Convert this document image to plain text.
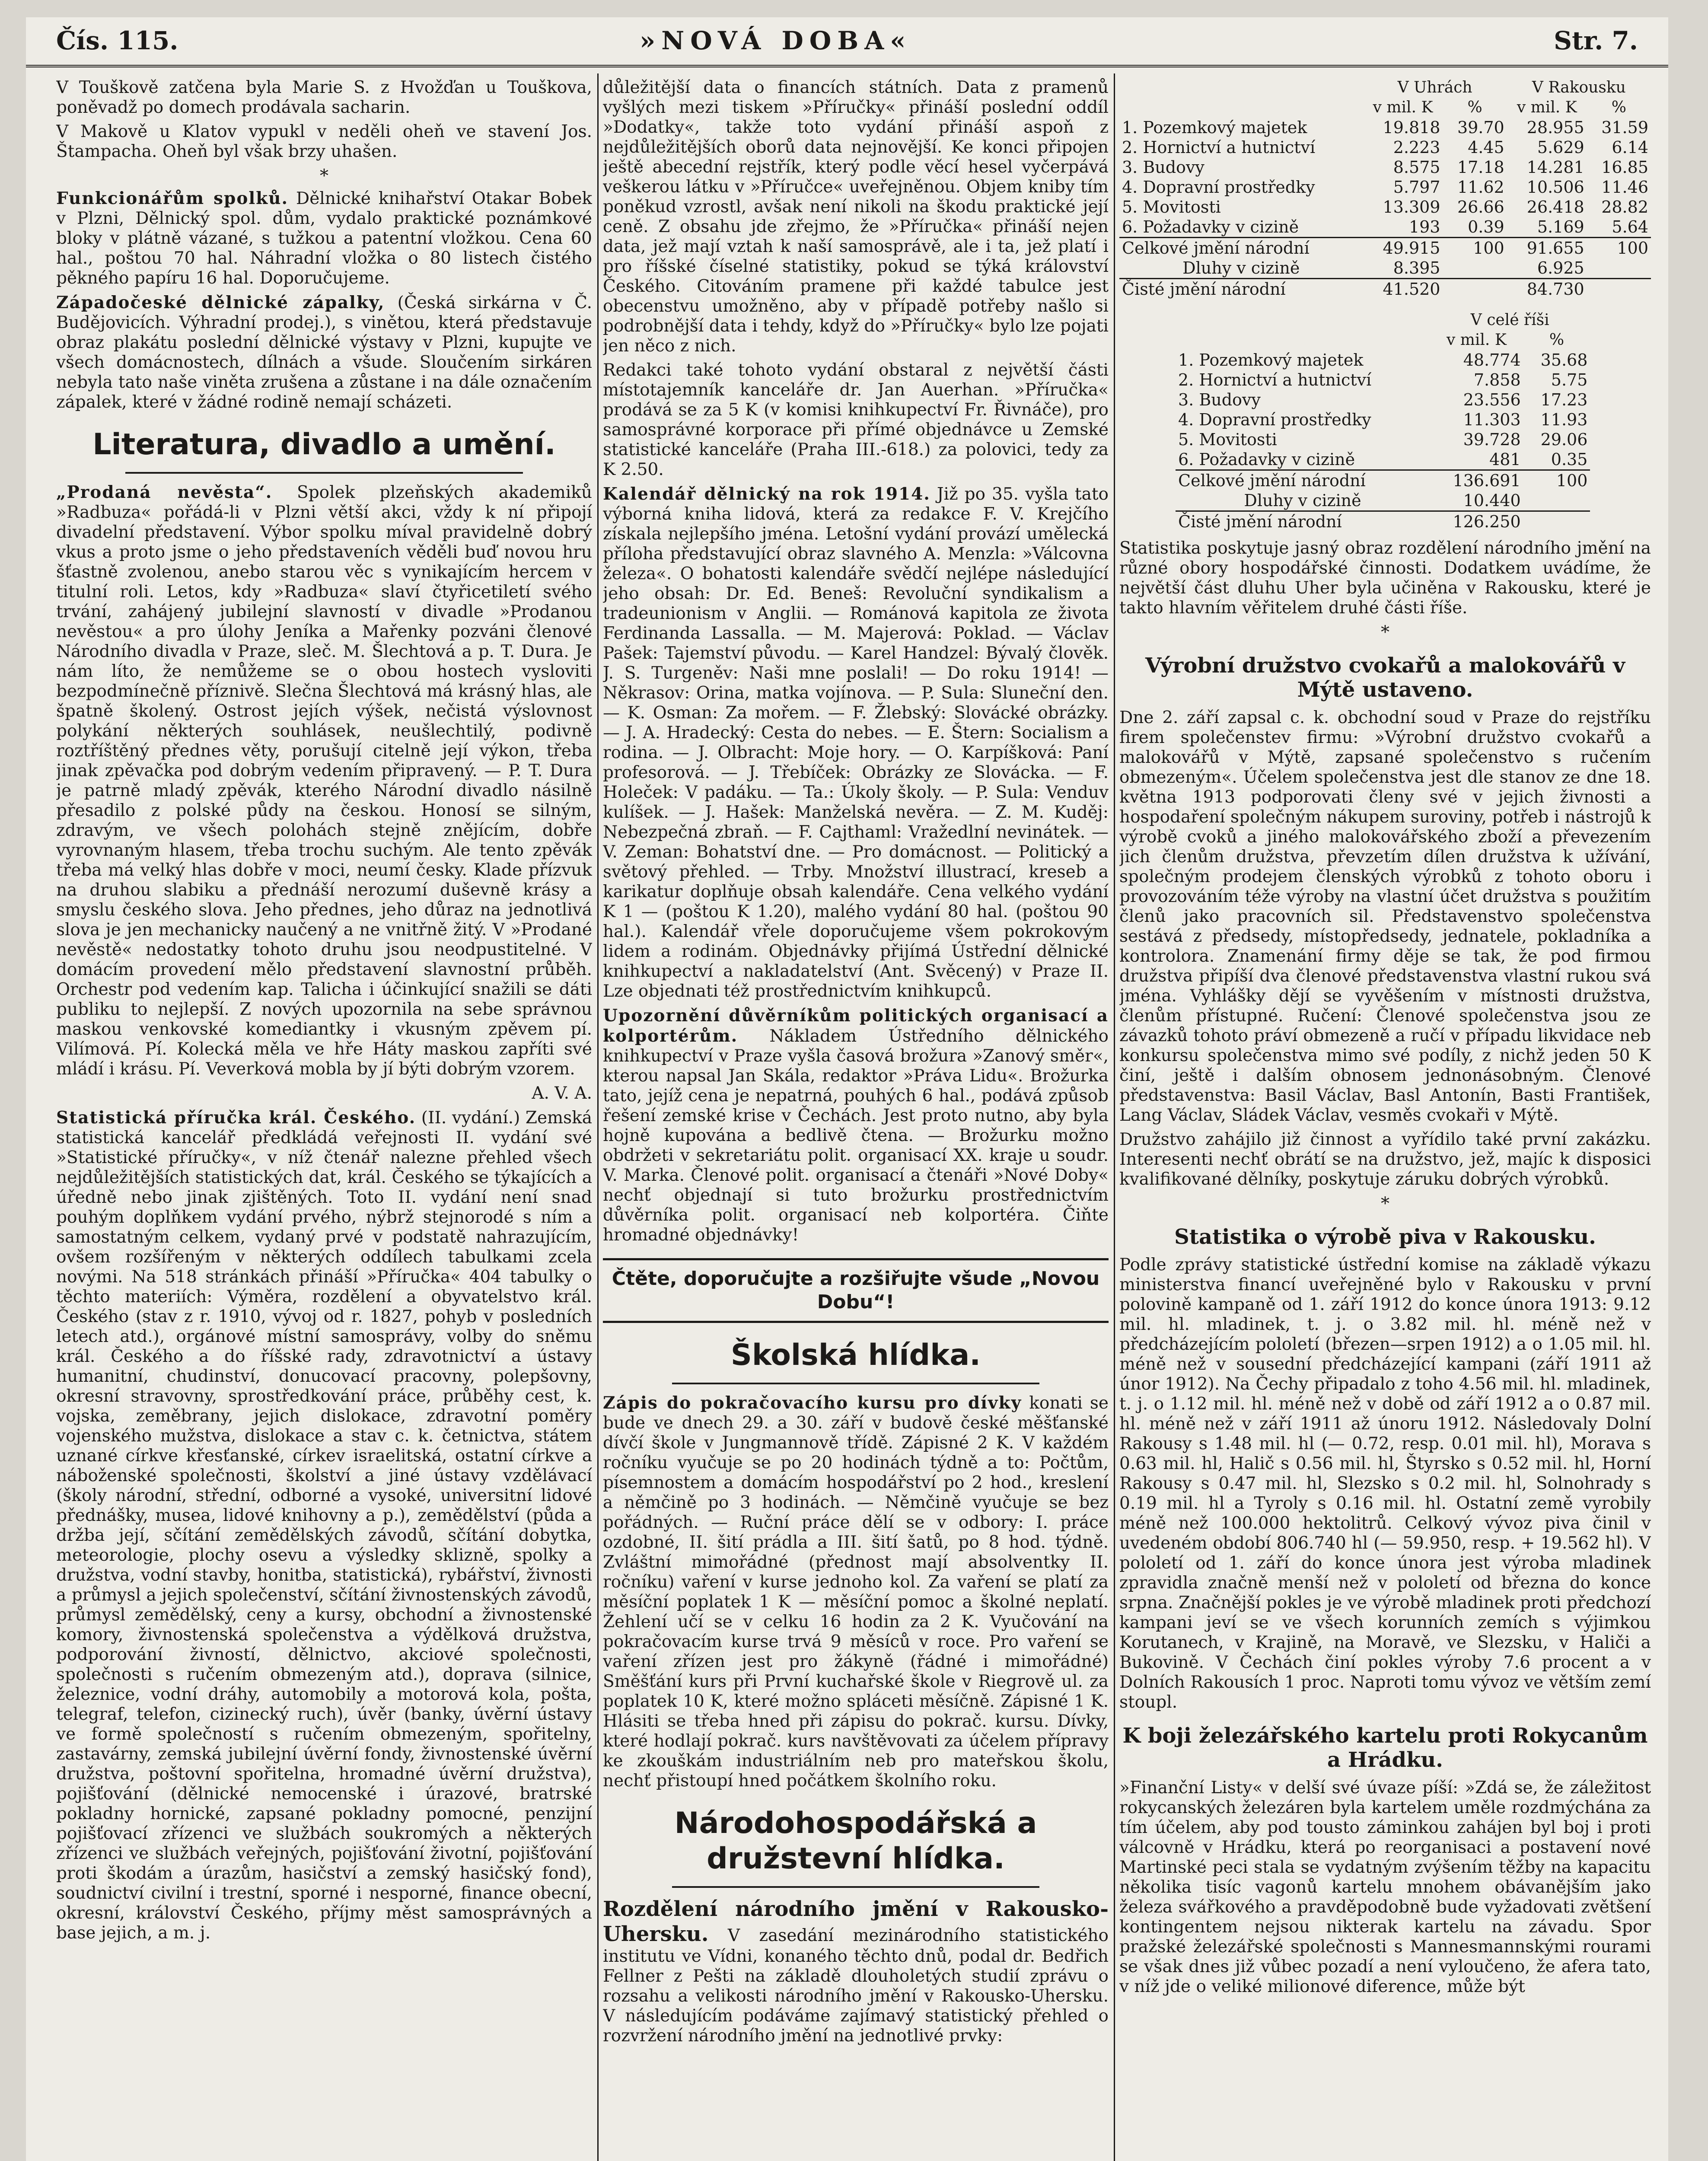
Čís. 115.	»NOVÁ DOBA«	Str. 7.

V Touškově zatčena byla Marie S. z Hvožďan u Touškova, poněvadž po domech prodávala sacharin.

V Makově u Klatov vypukl v neděli oheň ve stavení Jos. Štampacha. Oheň byl však brzy uhašen.

*

Funkcionářům spolků. Dělnické knihařství Otakar Bobek v Plzni, Dělnický spol. dům, vydalo praktické poznámkové bloky v plátně vázané, s tužkou a patentní vložkou. Cena 60 hal., poštou 70 hal. Náhradní vložka o 80 listech čistého pěkného papíru 16 hal. Doporučujeme.

Západočeské dělnické zápalky, (Česká sirkárna v Č. Budějovicích. Výhradní prodej.), s vinětou, která představuje obraz plakátu poslední dělnické výstavy v Plzni, kupujte ve všech domácnostech, dílnách a všude. Sloučením sirkáren nebyla tato naše viněta zrušena a zůstane i na dále označením zápalek, které v žádné rodině nemají scházeti.

Literatura, divadlo a umění.

„Prodaná nevěsta“. Spolek plzeňských akademiků »Radbuza« pořádá-li v Plzni větší akci, vždy k ní připojí divadelní představení. Výbor spolku míval pravidelně dobrý vkus a proto jsme o jeho představeních věděli buď novou hru šťastně zvolenou, anebo starou věc s vynikajícím hercem v titulní roli. Letos, kdy »Radbuza« slaví čtyřicetiletí svého trvání, zahájený jubilejní slavností v divadle »Prodanou nevěstou« a pro úlohy Jeníka a Mařenky pozváni členové Národního divadla v Praze, sleč. M. Šlechtová a p. T. Dura. Je nám líto, že nemůžeme se o obou hostech vysloviti bezpodmínečně příznivě. Slečna Šlechtová má krásný hlas, ale špatně školený. Ostrost jejích výšek, nečistá výslovnost polykání některých souhlásek, neušlechtilý, podivně roztříštěný přednes věty, porušují citelně její výkon, třeba jinak zpěvačka pod dobrým vedením připravený. — P. T. Dura je patrně mladý zpěvák, kterého Národní divadlo násilně přesadilo z polské půdy na českou. Honosí se silným, zdravým, ve všech polohách stejně znějícím, dobře vyrovnaným hlasem, třeba trochu suchým. Ale tento zpěvák třeba má velký hlas dobře v moci, neumí česky. Klade přízvuk na druhou slabiku a přednáší nerozumí duševně krásy a smyslu českého slova. Jeho přednes, jeho důraz na jednotlivá slova je jen mechanicky naučený a ne vnitřně žitý. V »Prodané nevěstě« nedostatky tohoto druhu jsou neodpustitelné. V domácím provedení mělo představení slavnostní průběh. Orchestr pod vedením kap. Talicha i účinkující snažili se dáti publiku to nejlepší. Z nových upozornila na sebe správnou maskou venkovské komediantky i vkusným zpěvem pí. Vilímová. Pí. Kolecká měla ve hře Háty maskou zapříti své mládí i krásu. Pí. Veverková mobla by jí býti dobrým vzorem.

A. V. A.

Statistická příručka král. Českého. (II. vydání.) Zemská statistická kancelář předkládá veřejnosti II. vydání své »Statistické příručky«, v níž čtenář nalezne přehled všech nejdůležitějších statistických dat, král. Českého se týkajících a úředně nebo jinak zjištěných. Toto II. vydání není snad pouhým doplňkem vydání prvého, nýbrž stejnorodé s ním a samostatným celkem, vydaný prvé v podstatě nahrazujícím, ovšem rozšířeným v některých oddílech tabulkami zcela novými. Na 518 stránkách přináší »Příručka« 404 tabulky o těchto materiích: Výměra, rozdělení a obyvatelstvo král. Českého (stav z r. 1910, vývoj od r. 1827, pohyb v posledních letech atd.), orgánové místní samosprávy, volby do sněmu král. Českého a do říšské rady, zdravotnictví a ústavy humanitní, chudinství, donucovací pracovny, polepšovny, okresní stravovny, sprostředkování práce, průběhy cest, k. vojska, zeměbrany, jejich dislokace, zdravotní poměry vojenského mužstva, dislokace a stav c. k. četnictva, státem uznané církve křesťanské, církev israelitská, ostatní církve a náboženské společnosti, školství a jiné ústavy vzdělávací (školy národní, střední, odborné a vysoké, universitní lidové přednášky, musea, lidové knihovny a p.), zemědělství (půda a držba její, sčítání zemědělských závodů, sčítání dobytka, meteorologie, plochy osevu a výsledky sklizně, spolky a družstva, vodní stavby, honitba, statistická), rybářství, živnosti a průmysl a jejich společenství, sčítání živnostenských závodů, průmysl zemědělský, ceny a kursy, obchodní a živnostenské komory, živnostenská společenstva a výdělková družstva, podporování živností, dělnictvo, akciové společnosti, společnosti s ručením obmezeným atd.), doprava (silnice, železnice, vodní dráhy, automobily a motorová kola, pošta, telegraf, telefon, cizinecký ruch), úvěr (banky, úvěrní ústavy ve formě společností s ručením obmezeným, spořitelny, zastavárny, zemská jubilejní úvěrní fondy, živnostenské úvěrní družstva, poštovní spořitelna, hromadné úvěrní družstva), pojišťování (dělnické nemocenské i úrazové, bratrské pokladny hornické, zapsané pokladny pomocné, penzijní pojišťovací zřízenci ve službách soukromých a některých zřízenci ve službách veřejných, pojišťování životní, pojišťování proti škodám a úrazům, hasičství a zemský hasičský fond), soudnictví civilní i trestní, sporné i nesporné, finance obecní, okresní, království Českého, příjmy měst samosprávných a base jejich, a m. j.

důležitější data o financích státních. Data z pramenů vyšlých mezi tiskem »Příručky« přináší poslední oddíl »Dodatky«, takže toto vydání přináší aspoň z nejdůležitějších oborů data nejnovější. Ke konci připojen ještě abecední rejstřík, který podle věcí hesel vyčerpává veškerou látku v »Příručce« uveřejněnou. Objem kniby tím poněkud vzrostl, avšak není nikoli na škodu praktické její ceně. Z obsahu jde zřejmo, že »Příručka« přináší nejen data, jež mají vztah k naší samosprávě, ale i ta, jež platí i pro říšské číselné statistiky, pokud se týká království Českého. Citováním pramene při každé tabulce jest obecenstvu umožněno, aby v případě potřeby našlo si podrobnější data i tehdy, když do »Příručky« bylo lze pojati jen něco z nich.

Redakci také tohoto vydání obstaral z největší části místotajemník kanceláře dr. Jan Auerhan. »Příručka« prodává se za 5 K (v komisi knihkupectví Fr. Řivnáče), pro samosprávné korporace při přímé objednávce u Zemské statistické kanceláře (Praha III.-618.) za polovici, tedy za K 2.50.

Kalendář dělnický na rok 1914. Již po 35. vyšla tato výborná kniha lidová, která za redakce F. V. Krejčího získala nejlepšího jména. Letošní vydání provází umělecká příloha představující obraz slavného A. Menzla: »Válcovna železa«. O bohatosti kalendáře svědčí nejlépe následující jeho obsah: Dr. Ed. Beneš: Revoluční syndikalism a tradeunionism v Anglii. — Románová kapitola ze života Ferdinanda Lassalla. — M. Majerová: Poklad. — Václav Pašek: Tajemství původu. — Karel Handzel: Bývalý člověk. J. S. Turgeněv: Naši mne poslali! — Do roku 1914! — Někrasov: Orina, matka vojínova. — P. Sula: Sluneční den. — K. Osman: Za mořem. — F. Žlebský: Slovácké obrázky. — J. A. Hradecký: Cesta do nebes. — E. Štern: Socialism a rodina. — J. Olbracht: Moje hory. — O. Karpíšková: Paní profesorová. — J. Třebíček: Obrázky ze Slovácka. — F. Holeček: V padáku. — Ta.: Úkoly školy. — P. Sula: Venduv kulíšek. — J. Hašek: Manželská nevěra. — Z. M. Kuděj: Nebezpečná zbraň. — F. Cajthaml: Vražedlní nevinátek. — V. Zeman: Bohatství dne. — Pro domácnost. — Politický a světový přehled. — Trby. Množství illustrací, kreseb a karikatur doplňuje obsah kalendáře. Cena velkého vydání K 1 — (poštou K 1.20), malého vydání 80 hal. (poštou 90 hal.). Kalendář vřele doporučujeme všem pokrokovým lidem a rodinám. Objednávky přijímá Ústřední dělnické knihkupectví a nakladatelství (Ant. Svěcený) v Praze II. Lze objednati též prostřednictvím knihkupců.

Upozornění důvěrníkům politických organisací a kolportérům. Nákladem Ústředního dělnického knihkupectví v Praze vyšla časová brožura »Zanový směr«, kterou napsal Jan Skála, redaktor »Práva Lidu«. Brožurka tato, jejíž cena je nepatrná, pouhých 6 hal., podává způsob řešení zemské krise v Čechách. Jest proto nutno, aby byla hojně kupována a bedlivě čtena. — Brožurku možno obdržeti v sekretariátu polit. organisací XX. kraje u soudr. V. Marka. Členové polit. organisací a čtenáři »Nové Doby« nechť objednají si tuto brožurku prostřednictvím důvěrníka polit. organisací neb kolportéra. Čiňte hromadné objednávky!

Čtěte, doporučujte a rozšiřujte všude „Novou Dobu“!
Školská hlídka.

Zápis do pokračovacího kursu pro dívky konati se bude ve dnech 29. a 30. září v budově české měšťanské dívčí škole v Jungmannově třídě. Zápisné 2 K. V každém ročníku vyučuje se po 20 hodinách týdně a to: Počtům, písemnostem a domácím hospodářství po 2 hod., kreslení a němčině po 3 hodinách. — Němčině vyučuje se bez pořádných. — Ruční práce dělí se v odbory: I. práce ozdobné, II. šití prádla a III. šití šatů, po 8 hod. týdně. Zvláštní mimořádné (přednost mají absolventky II. ročníku) vaření v kurse jednoho kol. Za vaření se platí za měsíční poplatek 1 K — měsíční pomoc a školné neplatí. Žehlení učí se v celku 16 hodin za 2 K. Vyučování na pokračovacím kurse trvá 9 měsíců v roce. Pro vaření se vaření zřízen jest pro žákyně (řádné i mimořádné) Směšťání kurs při První kuchařské škole v Riegrově ul. za poplatek 10 K, které možno spláceti měsíčně. Zápisné 1 K. Hlásiti se třeba hned při zápisu do pokrač. kursu. Dívky, které hodlají pokrač. kurs navštěvovati za účelem přípravy ke zkouškám industriálním neb pro mateřskou školu, nechť přistoupí hned počátkem školního roku.

Národohospodářská a družstevní hlídka.

Rozdělení národního jmění v Rakousko-Uhersku. V zasedání mezinárodního statistického institutu ve Vídni, konaného těchto dnů, podal dr. Bedřich Fellner z Pešti na základě dlouholetých studií zprávu o rozsahu a velikosti národního jmění v Rakousko-Uhersku. V následujícím podáváme zajímavý statistický přehled o rozvržení národního jmění na jednotlivé prvky:

	V Uhrách		V Rakousku	
	v mil. K	%	v mil. K	%
1. Pozemkový majetek	19.818	39.70	28.955	31.59
2. Hornictví a hutnictví	2.223	4.45	5.629	6.14
3. Budovy	8.575	17.18	14.281	16.85
4. Dopravní prostředky	5.797	11.62	10.506	11.46
5. Movitosti	13.309	26.66	26.418	28.82
6. Požadavky v cizině	193	0.39	5.169	5.64
Celkové jmění národní	49.915	100	91.655	100
Dluhy v cizině	8.395		6.925	
Čisté jmění národní	41.520		84.730	
	V celé říši	
	v mil. K	%
1. Pozemkový majetek	48.774	35.68
2. Hornictví a hutnictví	7.858	5.75
3. Budovy	23.556	17.23
4. Dopravní prostředky	11.303	11.93
5. Movitosti	39.728	29.06
6. Požadavky v cizině	481	0.35
Celkové jmění národní	136.691	100
Dluhy v cizině	10.440	
Čisté jmění národní	126.250	

Statistika poskytuje jasný obraz rozdělení národního jmění na různé obory hospodářské činnosti. Dodatkem uvádíme, že největší část dluhu Uher byla učiněna v Rakousku, které je takto hlavním věřitelem druhé části říše.

*
Výrobní družstvo cvokařů a malokovářů v Mýtě ustaveno.

Dne 2. září zapsal c. k. obchodní soud v Praze do rejstříku firem společenstev firmu: »Výrobní družstvo cvokařů a malokovářů v Mýtě, zapsané společenstvo s ručením obmezeným«. Účelem společenstva jest dle stanov ze dne 18. května 1913 podporovati členy své v jejich živnosti a hospodaření společným nákupem suroviny, potřeb i nástrojů k výrobě cvoků a jiného malokovářského zboží a převezením jich členům družstva, převzetím dílen družstva k užívání, společným prodejem členských výrobků z tohoto oboru i provozováním téže výroby na vlastní účet družstva s použitím členů jako pracovních sil. Představenstvo společenstva sestává z předsedy, místopředsedy, jednatele, pokladníka a kontrolora. Znamenání firmy děje se tak, že pod firmou družstva připíší dva členové představenstva vlastní rukou svá jména. Vyhlášky dějí se vyvěšením v místnosti družstva, členům přístupné. Ručení: Členové společenstva jsou ze závazků tohoto práví obmezeně a ručí v případu likvidace neb konkursu společenstva mimo své podíly, z nichž jeden 50 K činí, ještě i dalším obnosem jednonásobným. Členové představenstva: Basil Václav, Basl Antonín, Basti František, Lang Václav, Sládek Václav, vesměs cvokaři v Mýtě.

Družstvo zahájilo již činnost a vyřídilo také první zakázku. Interesenti nechť obrátí se na družstvo, jež, majíc k disposici kvalifikované dělníky, poskytuje záruku dobrých výrobků.

*
Statistika o výrobě piva v Rakousku.

Podle zprávy statistické ústřední komise na základě výkazu ministerstva financí uveřejněné bylo v Rakousku v první polovině kampaně od 1. září 1912 do konce února 1913: 9.12 mil. hl. mladinek, t. j. o 3.82 mil. hl. méně než v předcházejícím pololetí (březen—srpen 1912) a o 1.05 mil. hl. méně než v sousední předcházející kampani (září 1911 až únor 1912). Na Čechy připadalo z toho 4.56 mil. hl. mladinek, t. j. o 1.12 mil. hl. méně než v době od září 1912 a o 0.87 mil. hl. méně než v září 1911 až únoru 1912. Následovaly Dolní Rakousy s 1.48 mil. hl (— 0.72, resp. 0.01 mil. hl), Morava s 0.63 mil. hl, Halič s 0.56 mil. hl, Štyrsko s 0.52 mil. hl, Horní Rakousy s 0.47 mil. hl, Slezsko s 0.2 mil. hl, Solnohrady s 0.19 mil. hl a Tyroly s 0.16 mil. hl. Ostatní země vyrobily méně než 100.000 hektolitrů. Celkový vývoz piva činil v uvedeném období 806.740 hl (— 59.950, resp. + 19.562 hl). V pololetí od 1. září do konce února jest výroba mladinek zpravidla značně menší než v pololetí od března do konce srpna. Značnější pokles je ve výrobě mladinek proti předchozí kampani jeví se ve všech korunních zemích s výjimkou Korutanech, v Krajině, na Moravě, ve Slezsku, v Haliči a Bukovině. V Čechách činí pokles výroby 7.6 procent a v Dolních Rakousích 1 proc. Naproti tomu vývoz ve větším zemí stoupl.

K boji železářského kartelu proti Rokycanům a Hrádku.

»Finanční Listy« v delší své úvaze píší: »Zdá se, že záležitost rokycanských železáren byla kartelem uměle rozdmýchána za tím účelem, aby pod tousto záminkou zahájen byl boj i proti válcovně v Hrádku, která po reorganisaci a postavení nové Martinské peci stala se vydatným zvýšením těžby na kapacitu několika tisíc vagonů kartelu mnohem obávanějším jako železa svářkového a pravděpodobně bude vyžadovati zvětšení kontingentem nejsou nikterak kartelu na závadu. Spor pražské železářské společnosti s Mannesmannskými rourami se však dnes již vůbec pozadí a není vyloučeno, že afera tato, v níž jde o veliké milionové diference, může být
